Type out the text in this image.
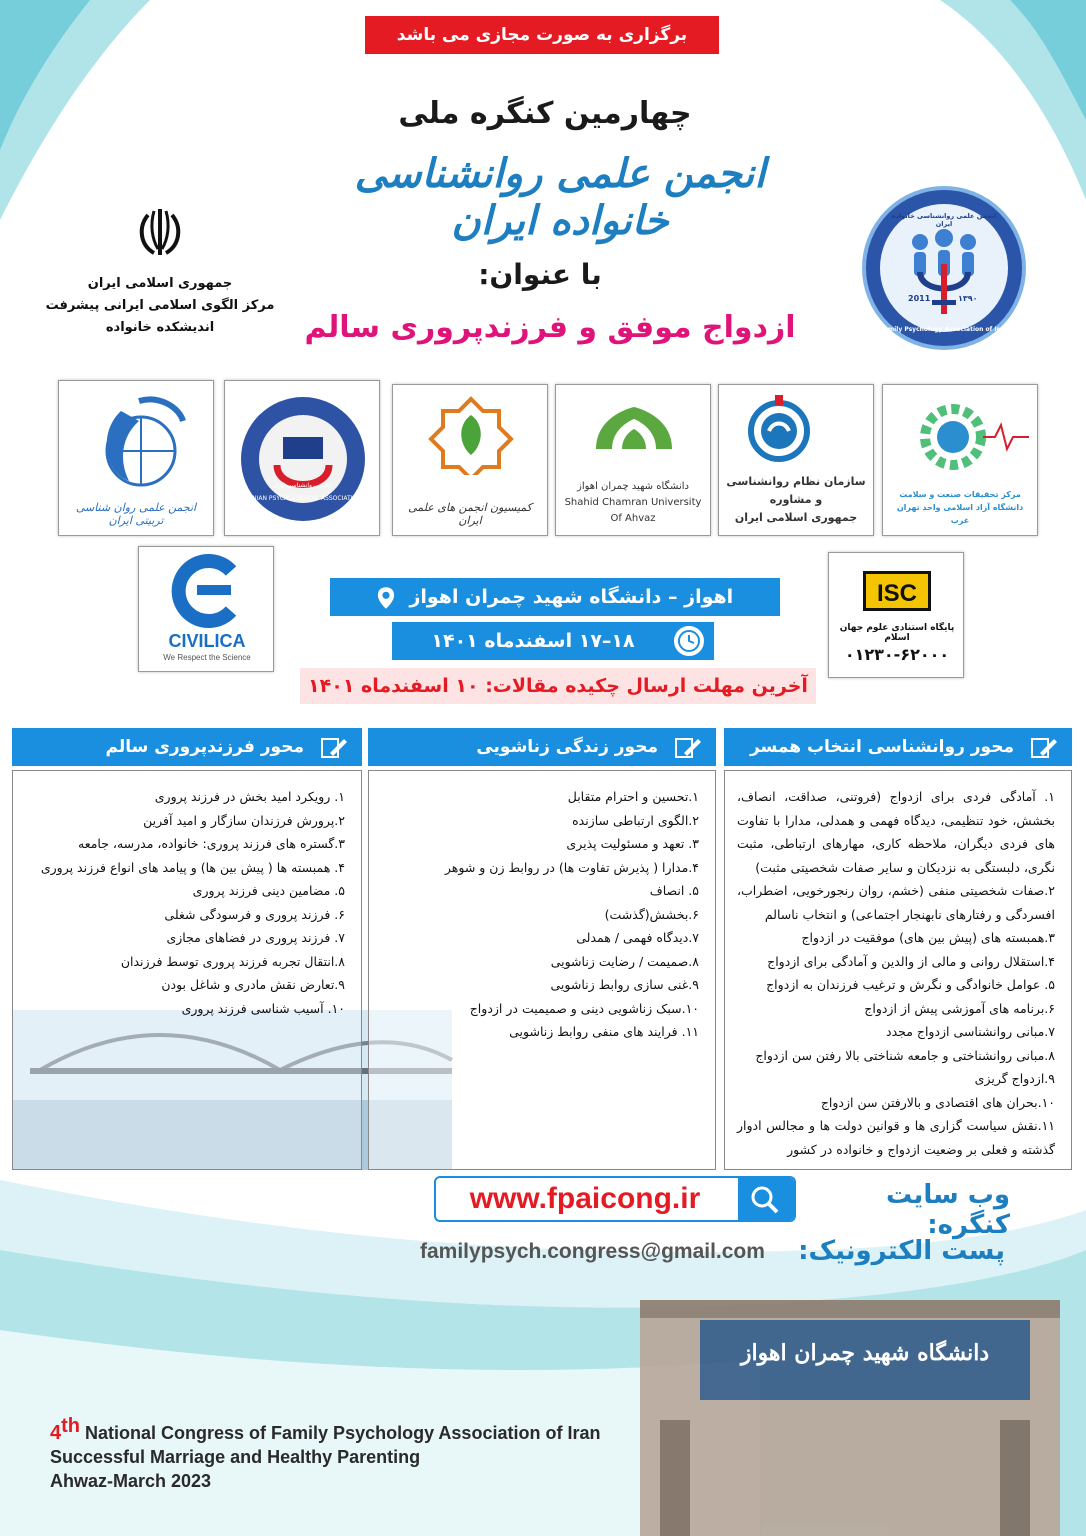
دانشگاه شهید چمران اهواز
برگزاری به صورت مجازی می باشد
چهارمین کنگره ملی
انجمن علمی روانشناسی خانواده ایران
با عنوان:
ازدواج موفق و فرزندپروری سالم
جمهوری اسلامی ایران
مرکز الگوی اسلامی ایرانی پیشرفت
اندیشکده خانواده
انجمن علمی روانشناسی خانواده ایران
2011	۱۳۹۰
Family Psychology Association of Iran
مرکز تحقیقات صنعت و سلامت
دانشگاه آزاد اسلامی واحد تهران غرب
سازمان نظام روانشناسی و مشاوره
جمهوری اسلامی ایران
دانشگاه شهید چمران اهواز
Shahid Chamran University Of Ahvaz
کمیسیون انجمن های علمی ایران
انجمن روانشناسی ایران
IRANIAN PSYCHOLOGICAL ASSOCIATION
انجمن علمی روان شناسی تربیتی ایران
CIVILICA
We Respect the Science
ISC
پایگاه استنادی علوم جهان اسلام
۰۱۲۳۰-۶۲۰۰۰
اهواز – دانشگاه شهید چمران اهواز
۱۸–۱۷ اسفندماه ۱۴۰۱
آخرین مهلت ارسال چکیده مقالات: ۱۰ اسفندماه ۱۴۰۱
محور روانشناسی انتخاب همسر
محور زندگی زناشویی
محور فرزندپروری سالم
۱. آمادگی فردی برای ازدواج (فروتنی، صداقت، انصاف، بخشش، خود تنظیمی، دیدگاه فهمی و همدلی، مدارا با تفاوت های فردی دیگران، ملاحظه کاری، مهارهای ارتباطی، مثبت نگری، دلبستگی به نزدیکان و سایر صفات شخصیتی مثبت)
۲.صفات شخصیتی منفی (خشم، روان رنجورخویی، اضطراب، افسردگی و رفتارهای نابهنجار اجتماعی) و انتخاب ناسالم
۳.همبسته های (پیش بین های) موفقیت در ازدواج
۴.استقلال روانی و مالی از والدین و آمادگی برای ازدواج
۵. عوامل خانوادگی و نگرش و ترغیب فرزندان به ازدواج
۶.برنامه های آموزشی پیش از ازدواج
۷.مبانی روانشناسی ازدواج مجدد
۸.مبانی روانشناختی و جامعه شناختی بالا رفتن سن ازدواج
۹.ازدواج گریزی
۱۰.بحران های اقتصادی و بالارفتن سن ازدواج
۱۱.نقش سیاست گزاری ها و قوانین دولت ها و مجالس ادوار گذشته و فعلی بر وضعیت ازدواج و خانواده در کشور
۱.تحسین و احترام متقابل
۲.الگوی ارتباطی سازنده
۳. تعهد و مسئولیت پذیری
۴.مدارا ( پذیرش تفاوت ها) در روابط زن و شوهر
۵. انصاف
۶.بخشش(گذشت)
۷.دیدگاه فهمی / همدلی
۸.صمیمت / رضایت زناشویی
۹.غنی سازی روابط زناشویی
۱۰.سبک زناشویی دینی و صمیمیت در ازدواج
۱۱. فرایند های منفی روابط زناشویی
۱. رویکرد امید بخش در فرزند پروری
۲.پرورش فرزندان سازگار و امید آفرین
۳.گستره های فرزند پروری: خانواده، مدرسه، جامعه
۴. همبسته ها ( پیش بین ها) و پیامد های انواع فرزند پروری
۵. مضامین دینی فرزند پروری
۶. فرزند پروری و فرسودگی شغلی
۷. فرزند پروری در فضاهای مجازی
۸.انتقال تجربه فرزند پروری توسط فرزندان
۹.تعارض نقش مادری و شاغل بودن
۱۰. آسیب شناسی فرزند پروری
وب سایت کنگره:
www.fpaicong.ir
پست الکترونیک:
familypsych.congress@gmail.com
4th National Congress of Family Psychology Association of Iran
Successful Marriage and Healthy Parenting
Ahwaz-March 2023
